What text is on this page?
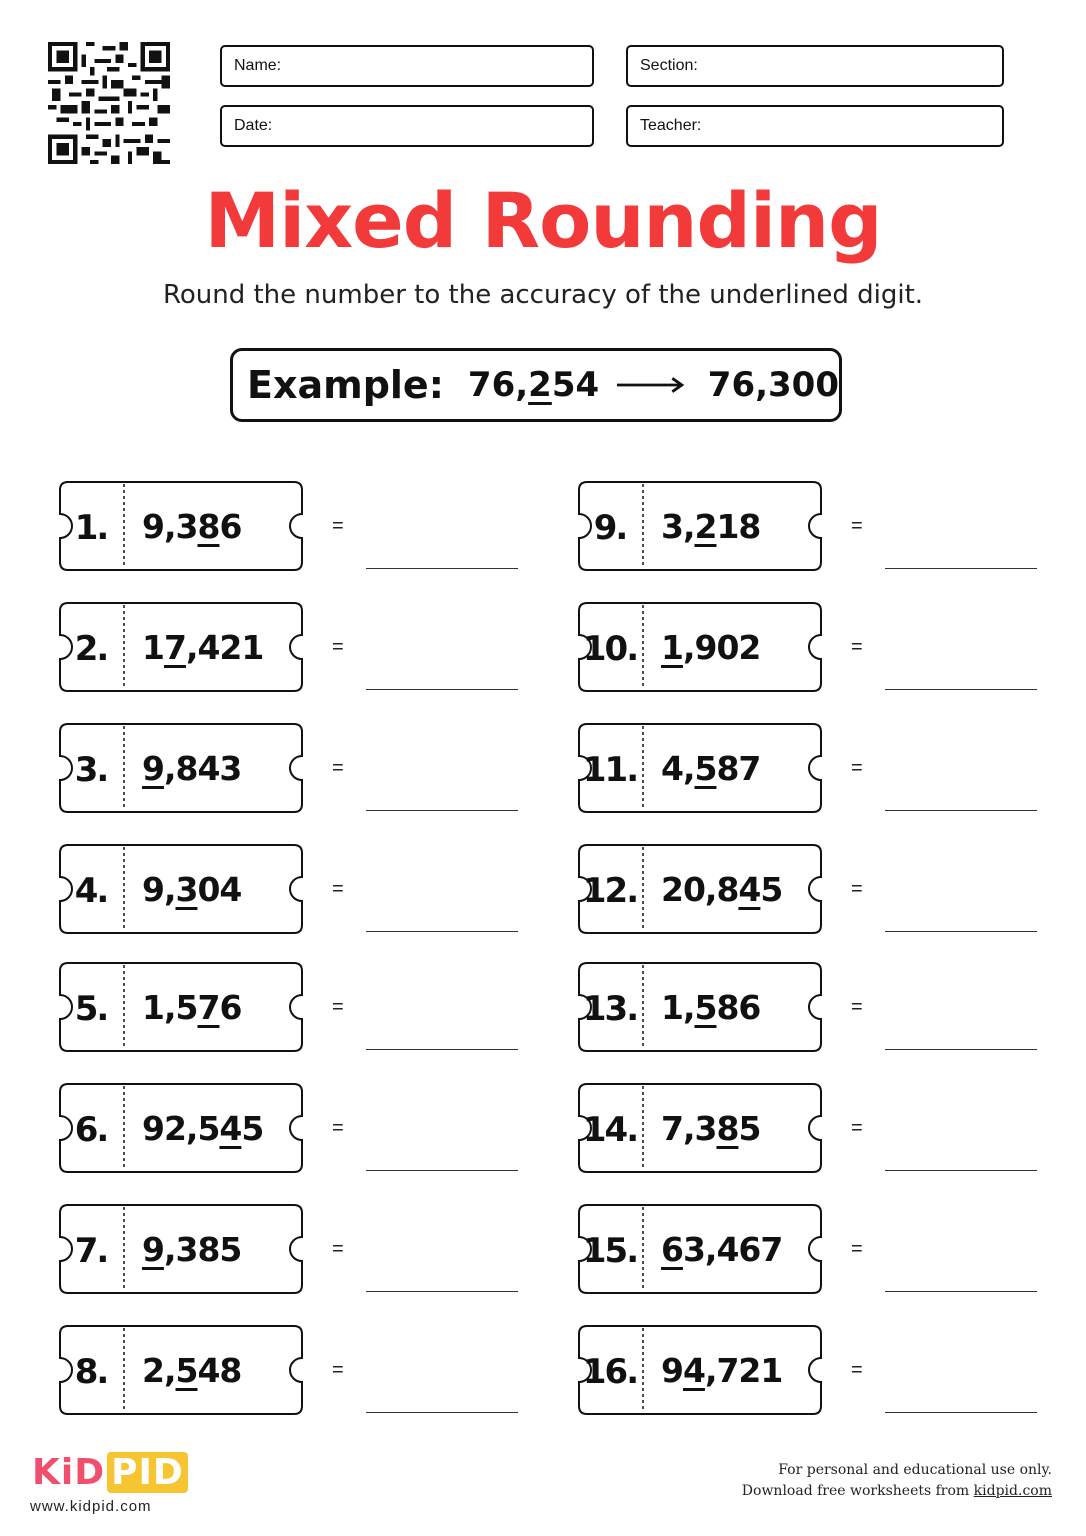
Name:	Section:
Date:	Teacher:
Mixed Rounding
Round the number to the accuracy of the underlined digit.
Example: 76,254	76,300
1.	9,386	=
2.	17,421	=
3.	9,843	=
4.	9,304	=
5.	1,576	=
6.	92,545	=
7.	9,385	=
8.	2,548	=
9.	3,218	=
10. 1,902	=
11. 4,587	=
12. 20,845	=
13. 1,586	=
14. 7,385	=
15. 63,467	=
16. 94,721	=
KiD PID
www.kidpid.com
For personal and educational use only.
Download free worksheets from kidpid.com
